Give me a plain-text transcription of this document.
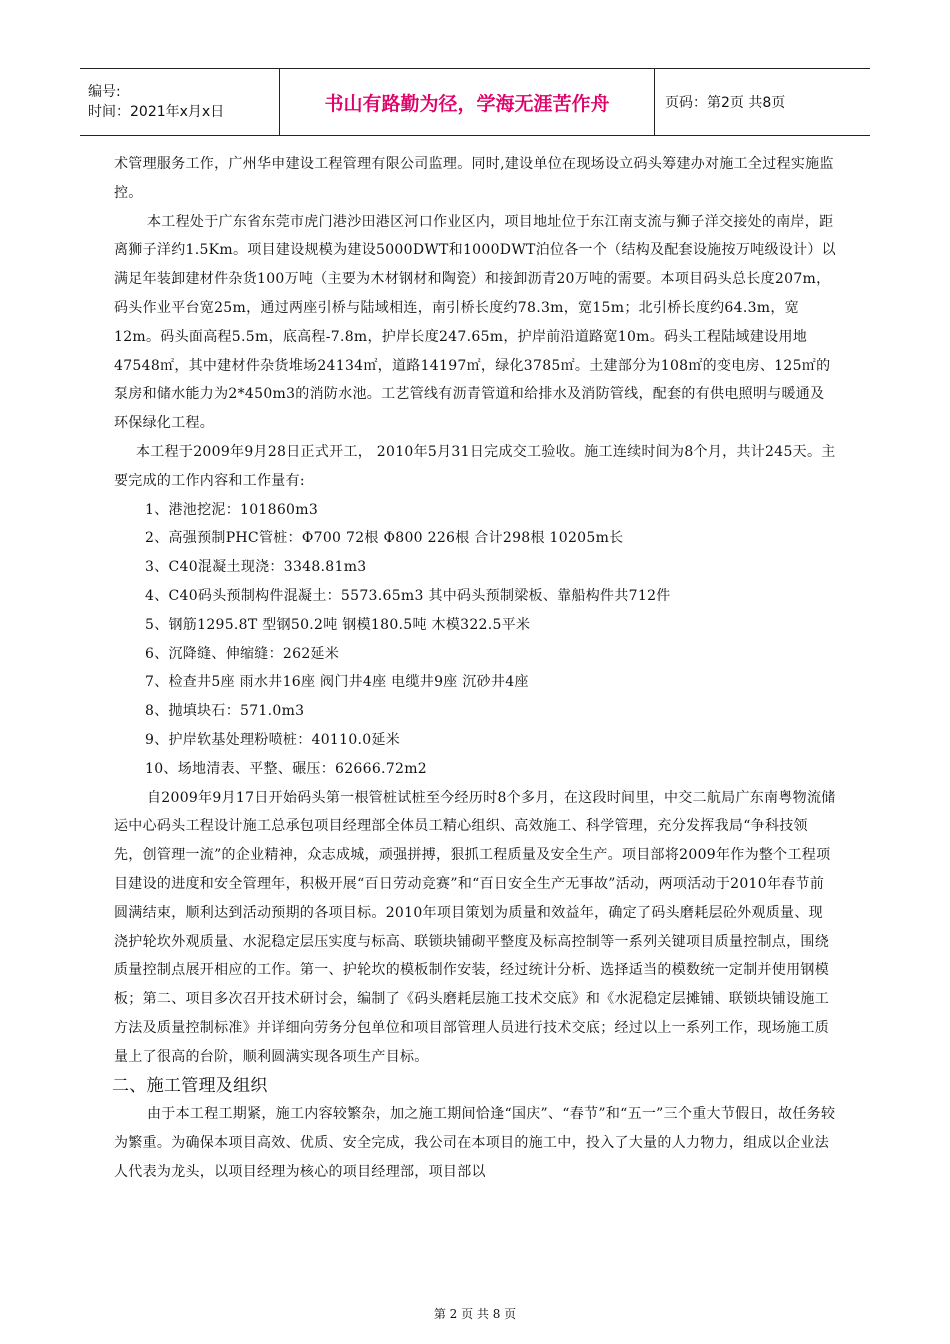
编号:
时间：2021年x月x日	书山有路勤为径，学海无涯苦作舟	页码：第2页 共8页

术管理服务工作，广州华申建设工程管理有限公司监理。同时,建设单位在现场设立码头筹建办对施工全过程实施监控。

本工程处于广东省东莞市虎门港沙田港区河口作业区内，项目地址位于东江南支流与狮子洋交接处的南岸，距离狮子洋约1.5Km。项目建设规模为建设5000DWT和1000DWT泊位各一个（结构及配套设施按万吨级设计）以满足年装卸建材件杂货100万吨（主要为木材钢材和陶瓷）和接卸沥青20万吨的需要。本项目码头总长度207m，码头作业平台宽25m，通过两座引桥与陆域相连，南引桥长度约78.3m，宽15m；北引桥长度约64.3m，宽12m。码头面高程5.5m，底高程-7.8m，护岸长度247.65m，护岸前沿道路宽10m。码头工程陆域建设用地47548㎡，其中建材件杂货堆场24134㎡，道路14197㎡，绿化3785㎡。土建部分为108㎡的变电房、125㎡的泵房和储水能力为2*450m3的消防水池。工艺管线有沥青管道和给排水及消防管线，配套的有供电照明与暖通及环保绿化工程。

本工程于2009年9月28日正式开工， 2010年5月31日完成交工验收。施工连续时间为8个月，共计245天。主要完成的工作内容和工作量有:

1、港池挖泥：101860m3

2、高强预制PHC管桩：Φ700 72根 Φ800 226根 合计298根 10205m长

3、C40混凝土现浇：3348.81m3

4、C40码头预制构件混凝土：5573.65m3 其中码头预制梁板、靠船构件共712件

5、钢筋1295.8T 型钢50.2吨 钢模180.5吨 木模322.5平米

6、沉降缝、伸缩缝：262延米

7、检查井5座 雨水井16座 阀门井4座 电缆井9座 沉砂井4座

8、抛填块石：571.0m3

9、护岸软基处理粉喷桩：40110.0延米

10、场地清表、平整、碾压：62666.72m2

自2009年9月17日开始码头第一根管桩试桩至今经历时8个多月，在这段时间里，中交二航局广东南粤物流储运中心码头工程设计施工总承包项目经理部全体员工精心组织、高效施工、科学管理，充分发挥我局“争科技领先，创管理一流”的企业精神，众志成城，顽强拼搏，狠抓工程质量及安全生产。项目部将2009年作为整个工程项目建设的进度和安全管理年，积极开展“百日劳动竞赛”和“百日安全生产无事故”活动，两项活动于2010年春节前圆满结束，顺利达到活动预期的各项目标。2010年项目策划为质量和效益年，确定了码头磨耗层砼外观质量、现浇护轮坎外观质量、水泥稳定层压实度与标高、联锁块铺砌平整度及标高控制等一系列关键项目质量控制点，围绕质量控制点展开相应的工作。第一、护轮坎的模板制作安装，经过统计分析、选择适当的模数统一定制并使用钢模板；第二、项目多次召开技术研讨会，编制了《码头磨耗层施工技术交底》和《水泥稳定层摊铺、联锁块铺设施工方法及质量控制标准》并详细向劳务分包单位和项目部管理人员进行技术交底；经过以上一系列工作，现场施工质量上了很高的台阶，顺利圆满实现各项生产目标。

二、施工管理及组织

由于本工程工期紧，施工内容较繁杂，加之施工期间恰逢“国庆”、“春节”和“五一”三个重大节假日，故任务较为繁重。为确保本项目高效、优质、安全完成，我公司在本项目的施工中，投入了大量的人力物力，组成以企业法人代表为龙头，以项目经理为核心的项目经理部，项目部以

第 2 页 共 8 页
